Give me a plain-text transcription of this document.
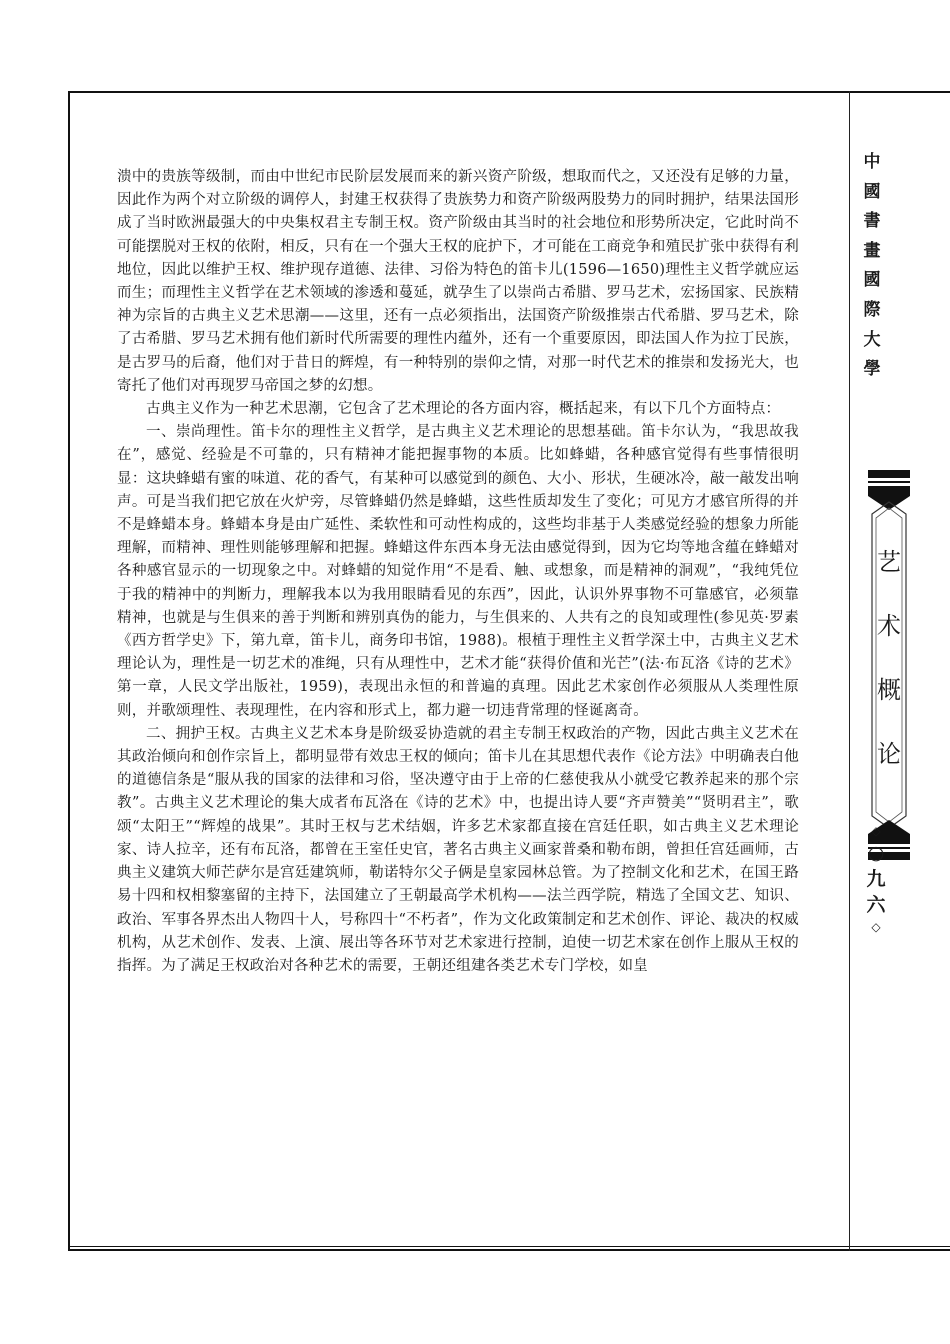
溃中的贵族等级制，而由中世纪市民阶层发展而来的新兴资产阶级，想取而代之，又还没有足够的力量，因此作为两个对立阶级的调停人，封建王权获得了贵族势力和资产阶级两股势力的同时拥护，结果法国形成了当时欧洲最强大的中央集权君主专制王权。资产阶级由其当时的社会地位和形势所决定，它此时尚不可能摆脱对王权的依附，相反，只有在一个强大王权的庇护下，才可能在工商竞争和殖民扩张中获得有利地位，因此以维护王权、维护现存道德、法律、习俗为特色的笛卡儿(1596—1650)理性主义哲学就应运而生；而理性主义哲学在艺术领域的渗透和蔓延，就孕生了以崇尚古希腊、罗马艺术，宏扬国家、民族精神为宗旨的古典主义艺术思潮——这里，还有一点必须指出，法国资产阶级推崇古代希腊、罗马艺术，除了古希腊、罗马艺术拥有他们新时代所需要的理性内蕴外，还有一个重要原因，即法国人作为拉丁民族，是古罗马的后裔，他们对于昔日的辉煌，有一种特别的崇仰之情，对那一时代艺术的推崇和发扬光大，也寄托了他们对再现罗马帝国之梦的幻想。

古典主义作为一种艺术思潮，它包含了艺术理论的各方面内容，概括起来，有以下几个方面特点：

一、崇尚理性。笛卡尔的理性主义哲学，是古典主义艺术理论的思想基础。笛卡尔认为，“我思故我在”，感觉、经验是不可靠的，只有精神才能把握事物的本质。比如蜂蜡，各种感官觉得有些事情很明显：这块蜂蜡有蜜的味道、花的香气，有某种可以感觉到的颜色、大小、形状，生硬冰冷，敲一敲发出响声。可是当我们把它放在火炉旁，尽管蜂蜡仍然是蜂蜡，这些性质却发生了变化；可见方才感官所得的并不是蜂蜡本身。蜂蜡本身是由广延性、柔软性和可动性构成的，这些均非基于人类感觉经验的想象力所能理解，而精神、理性则能够理解和把握。蜂蜡这件东西本身无法由感觉得到，因为它均等地含蕴在蜂蜡对各种感官显示的一切现象之中。对蜂蜡的知觉作用“不是看、触、或想象，而是精神的洞观”，“我纯凭位于我的精神中的判断力，理解我本以为我用眼睛看见的东西”，因此，认识外界事物不可靠感官，必须靠精神，也就是与生俱来的善于判断和辨别真伪的能力，与生俱来的、人共有之的良知或理性(参见英·罗素《西方哲学史》下，第九章，笛卡儿，商务印书馆，1988)。根植于理性主义哲学深土中，古典主义艺术理论认为，理性是一切艺术的准绳，只有从理性中，艺术才能“获得价值和光芒”(法·布瓦洛《诗的艺术》第一章，人民文学出版社，1959)，表现出永恒的和普遍的真理。因此艺术家创作必须服从人类理性原则，并歌颂理性、表现理性，在内容和形式上，都力避一切违背常理的怪诞离奇。

二、拥护王权。古典主义艺术本身是阶级妥协造就的君主专制王权政治的产物，因此古典主义艺术在其政治倾向和创作宗旨上，都明显带有效忠王权的倾向；笛卡儿在其思想代表作《论方法》中明确表白他的道德信条是“服从我的国家的法律和习俗，坚决遵守由于上帝的仁慈使我从小就受它教养起来的那个宗教”。古典主义艺术理论的集大成者布瓦洛在《诗的艺术》中，也提出诗人要“齐声赞美”“贤明君主”，歌颂“太阳王”“辉煌的战果”。其时王权与艺术结姻，许多艺术家都直接在宫廷任职，如古典主义艺术理论家、诗人拉辛，还有布瓦洛，都曾在王室任史官，著名古典主义画家普桑和勒布朗，曾担任宫廷画师，古典主义建筑大师芒萨尔是宫廷建筑师，勒诺特尔父子俩是皇家园林总管。为了控制文化和艺术，在国王路易十四和权相黎塞留的主持下，法国建立了王朝最高学术机构——法兰西学院，精选了全国文艺、知识、政治、军事各界杰出人物四十人，号称四十“不朽者”，作为文化政策制定和艺术创作、评论、裁决的权威机构，从艺术创作、发表、上演、展出等各环节对艺术家进行控制，迫使一切艺术家在创作上服从王权的指挥。为了满足王权政治对各种艺术的需要，王朝还组建各类艺术专门学校，如皇

中
國
書
畫
國
際
大
學
艺
术
概
论
◇
○
九
六
◇
